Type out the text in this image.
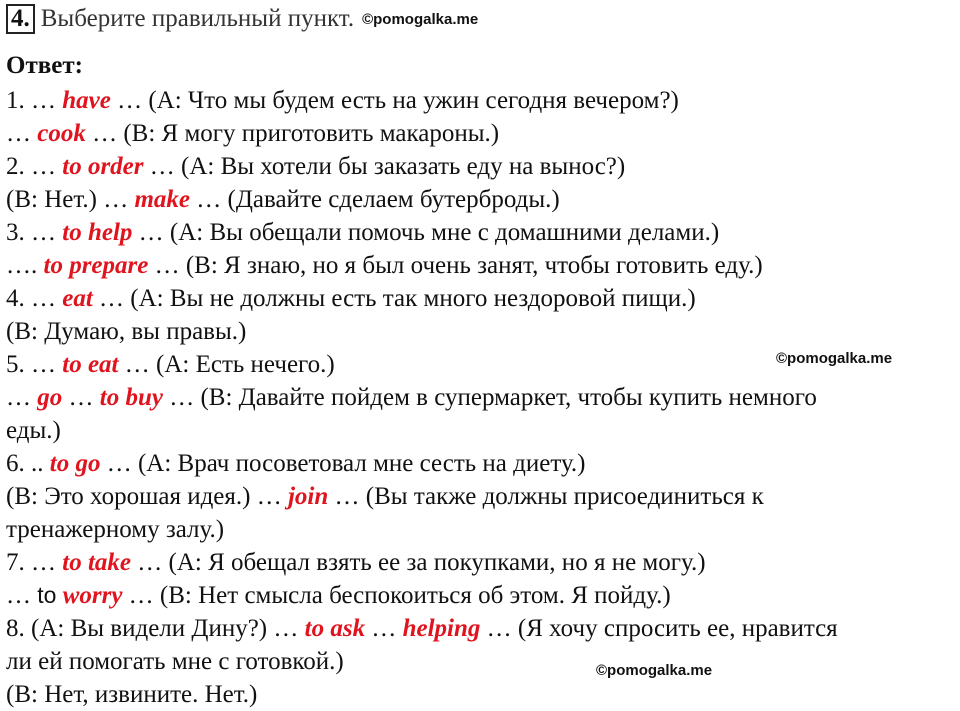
4. Выберите правильный пункт. ©pomogalka.me
Ответ:
1. … have … (A: Что мы будем есть на ужин сегодня вечером?)
… cook … (B: Я могу приготовить макароны.)
2. … to order … (A: Вы хотели бы заказать еду на вынос?)
(B: Нет.) … make … (Давайте сделаем бутерброды.)
3. … to help … (A: Вы обещали помочь мне с домашними делами.)
…. to prepare … (B: Я знаю, но я был очень занят, чтобы готовить еду.)
4. … eat … (A: Вы не должны есть так много нездоровой пищи.)
(B: Думаю, вы правы.)
5. … to eat … (A: Есть нечего.)
… go … to buy … (B: Давайте пойдем в супермаркет, чтобы купить немного
еды.)
6. .. to go … (A: Врач посоветовал мне сесть на диету.)
(B: Это хорошая идея.) … join … (Вы также должны присоединиться к
тренажерному залу.)
7. … to take … (A: Я обещал взять ее за покупками, но я не могу.)
… to worry … (B: Нет смысла беспокоиться об этом. Я пойду.)
8. (A: Вы видели Дину?) … to ask … helping … (Я хочу спросить ее, нравится
ли ей помогать мне с готовкой.)
(B: Нет, извините. Нет.)
©pomogalka.me
©pomogalka.me
